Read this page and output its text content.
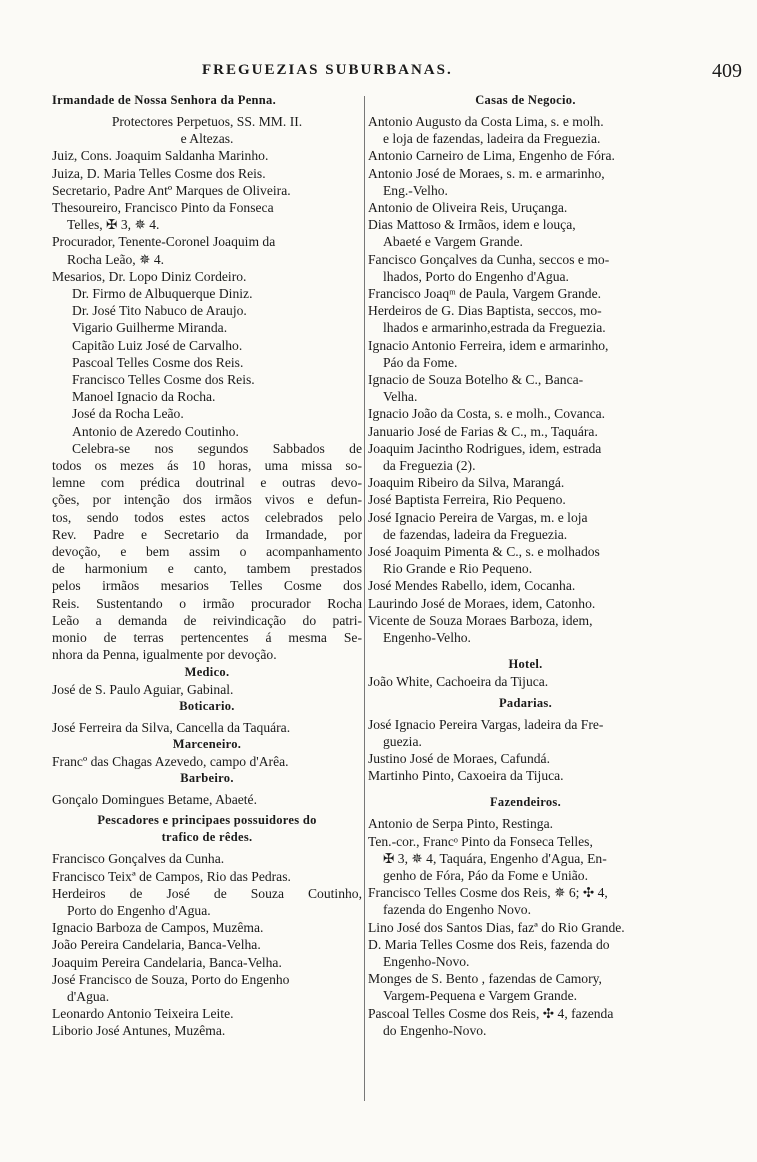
FREGUEZIAS SUBURBANAS.	409
Irmandade de Nossa Senhora da Penna.
Protectores Perpetuos, SS. MM. II.
e Altezas.
Juiz, Cons. Joaquim Saldanha Marinho.
Juiza, D. Maria Telles Cosme dos Reis.
Secretario, Padre Antº Marques de Oliveira.
Thesoureiro, Francisco Pinto da Fonseca
Telles, ✠ 3, ✵ 4.
Procurador, Tenente-Coronel Joaquim da
Rocha Leão, ✵ 4.
Mesarios, Dr. Lopo Diniz Cordeiro.
Dr. Firmo de Albuquerque Diniz.
Dr. José Tito Nabuco de Araujo.
Vigario Guilherme Miranda.
Capitão Luiz José de Carvalho.
Pascoal Telles Cosme dos Reis.
Francisco Telles Cosme dos Reis.
Manoel Ignacio da Rocha.
José da Rocha Leão.
Antonio de Azeredo Coutinho.
Celebra-se nos segundos Sabbados de
todos os mezes ás 10 horas, uma missa so-
lemne com prédica doutrinal e outras devo-
ções, por intenção dos irmãos vivos e defun-
tos, sendo todos estes actos celebrados pelo
Rev. Padre e Secretario da Irmandade, por
devoção, e bem assim o acompanhamento
de harmonium e canto, tambem prestados
pelos irmãos mesarios Telles Cosme dos
Reis. Sustentando o irmão procurador Rocha
Leão a demanda de reivindicação do patri-
monio de terras pertencentes á mesma Se-
nhora da Penna, igualmente por devoção.
Medico.
José de S. Paulo Aguiar, Gabinal.
Boticario.
José Ferreira da Silva, Cancella da Taquára.
Marceneiro.
Francº das Chagas Azevedo, campo d'Arêa.
Barbeiro.
Gonçalo Domingues Betame, Abaeté.
Pescadores e principaes possuidores do
trafico de rêdes.
Francisco Gonçalves da Cunha.
Francisco Teixª de Campos, Rio das Pedras.
Herdeiros de José de Souza Coutinho,
Porto do Engenho d'Agua.
Ignacio Barboza de Campos, Muzêma.
João Pereira Candelaria, Banca-Velha.
Joaquim Pereira Candelaria, Banca-Velha.
José Francisco de Souza, Porto do Engenho
d'Agua.
Leonardo Antonio Teixeira Leite.
Liborio José Antunes, Muzêma.
Casas de Negocio.
Antonio Augusto da Costa Lima, s. e molh.
e loja de fazendas, ladeira da Freguezia.
Antonio Carneiro de Lima, Engenho de Fóra.
Antonio José de Moraes, s. m. e armarinho,
Eng.-Velho.
Antonio de Oliveira Reis, Uruçanga.
Dias Mattoso & Irmãos, idem e louça,
Abaeté e Vargem Grande.
Fancisco Gonçalves da Cunha, seccos e mo-
lhados, Porto do Engenho d'Agua.
Francisco Joaqᵐ de Paula, Vargem Grande.
Herdeiros de G. Dias Baptista, seccos, mo-
lhados e armarinho,estrada da Freguezia.
Ignacio Antonio Ferreira, idem e armarinho,
Páo da Fome.
Ignacio de Souza Botelho & C., Banca-
Velha.
Ignacio João da Costa, s. e molh., Covanca.
Januario José de Farias & C., m., Taquára.
Joaquim Jacintho Rodrigues, idem, estrada
da Freguezia (2).
Joaquim Ribeiro da Silva, Marangá.
José Baptista Ferreira, Rio Pequeno.
José Ignacio Pereira de Vargas, m. e loja
de fazendas, ladeira da Freguezia.
José Joaquim Pimenta & C., s. e molhados
Rio Grande e Rio Pequeno.
José Mendes Rabello, idem, Cocanha.
Laurindo José de Moraes, idem, Catonho.
Vicente de Souza Moraes Barboza, idem,
Engenho-Velho.
Hotel.
João White, Cachoeira da Tijuca.
Padarias.
José Ignacio Pereira Vargas, ladeira da Fre-
guezia.
Justino José de Moraes, Cafundá.
Martinho Pinto, Caxoeira da Tijuca.
Fazendeiros.
Antonio de Serpa Pinto, Restinga.
Ten.-cor., Francᵒ Pinto da Fonseca Telles,
✠ 3, ✵ 4, Taquára, Engenho d'Agua, En-
genho de Fóra, Páo da Fome e União.
Francisco Telles Cosme dos Reis, ✵ 6; ✣ 4,
fazenda do Engenho Novo.
Lino José dos Santos Dias, fazª do Rio Grande.
D. Maria Telles Cosme dos Reis, fazenda do
Engenho-Novo.
Monges de S. Bento , fazendas de Camory,
Vargem-Pequena e Vargem Grande.
Pascoal Telles Cosme dos Reis, ✣ 4, fazenda
do Engenho-Novo.
